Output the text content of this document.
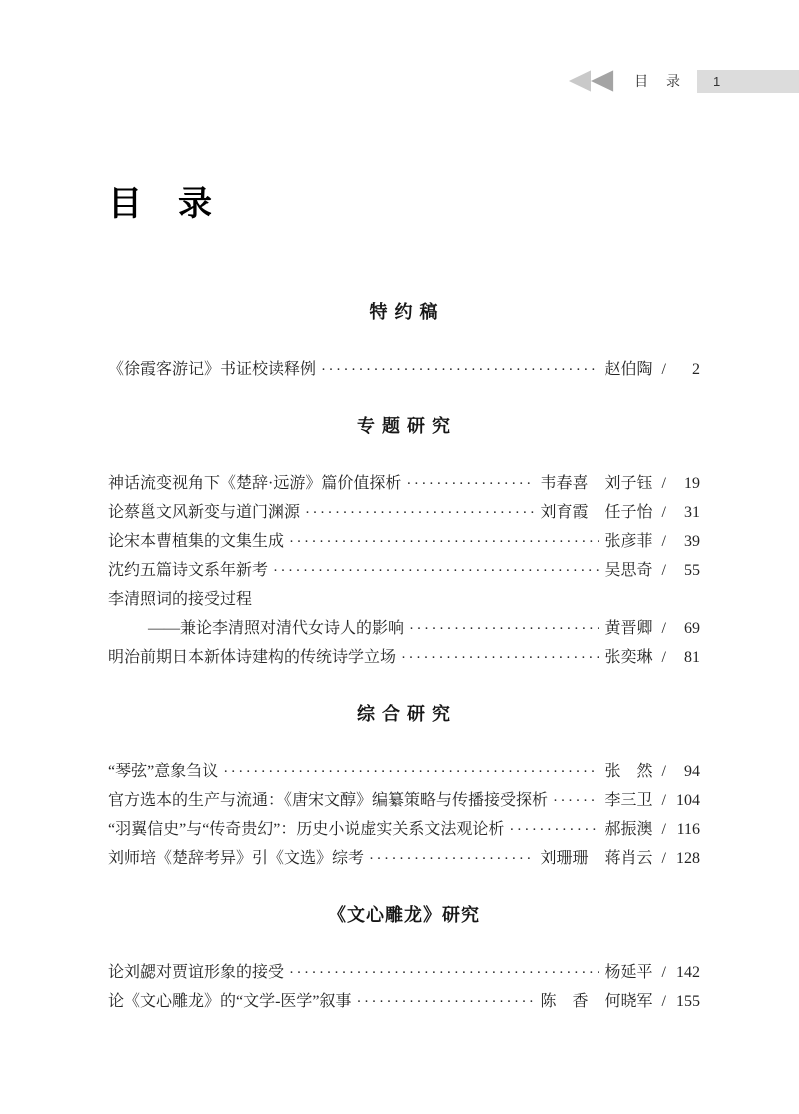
目 录	1
目　录
特 约 稿
《徐霞客游记》书证校读释例 ·····	赵伯陶 /	2
专 题 研 究
神话流变视角下《楚辞·远游》篇价值探析 ·····	韦春喜　刘子钰 /	19
论蔡邕文风新变与道门渊源 ·····	刘育霞　任子怡 /	31
论宋本曹植集的文集生成 ·····	张彦菲 /	39
沈约五篇诗文系年新考 ·····	吴思奇 /	55
李清照词的接受过程
——兼论李清照对清代女诗人的影响 ·····	黄晋卿 /	69
明治前期日本新体诗建构的传统诗学立场 ·····	张奕琳 /	81
综 合 研 究
“琴弦”意象刍议 ·····	张　然 /	94
官方选本的生产与流通：《唐宋文醇》编纂策略与传播接受探析 ·····	李三卫 / 104
“羽翼信史”与“传奇贵幻”：历史小说虚实关系文法观论析 ·····	郝振澳 / 116
刘师培《楚辞考异》引《文选》综考 ·····	刘珊珊　蒋肖云 / 128
《文心雕龙》研究
论刘勰对贾谊形象的接受 ·····	杨延平 / 142
论《文心雕龙》的“文学-医学”叙事 ·····	陈　香　何晓军 / 155
